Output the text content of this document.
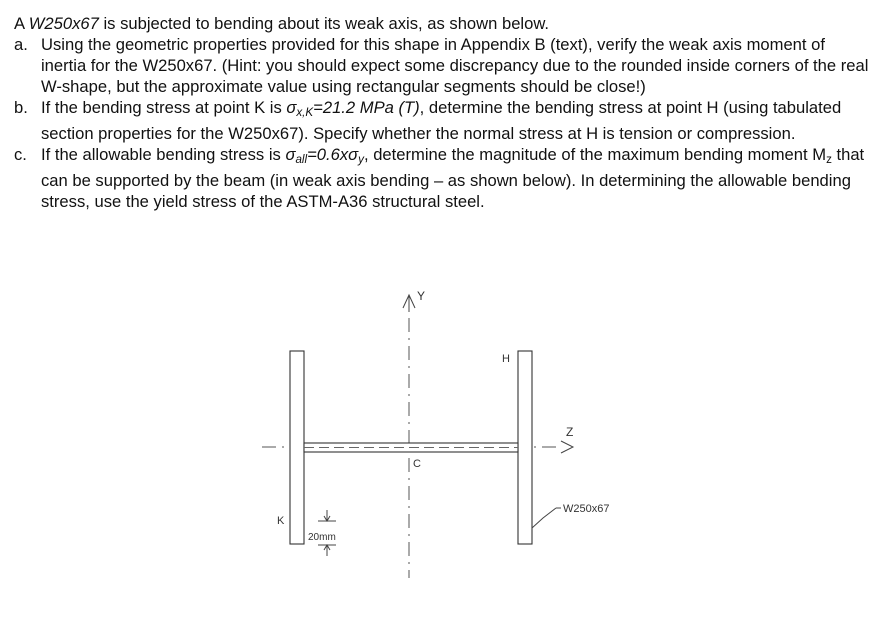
A W250x67 is subjected to bending about its weak axis, as shown below.

a. Using the geometric properties provided for this shape in Appendix B (text), verify the weak axis moment of inertia for the W250x67. (Hint: you should expect some discrepancy due to the rounded inside corners of the real W-shape, but the approximate value using rectangular segments should be close!)
b. If the bending stress at point K is $\sigma_{x,K}=21.2$ MPa (T), determine the bending stress at point H (using tabulated section properties for the W250x67). Specify whether the normal stress at H is tension or compression.
c. If the allowable bending stress is $\sigma_{all}=0.6x\sigma_y$, determine the magnitude of the maximum bending moment Mz that can be supported by the beam (in weak axis bending – as shown below). In determining the allowable bending stress, use the yield stress of the ASTM-A36 structural steel.
Y
Z
C
H
K
20mm
W250x67
